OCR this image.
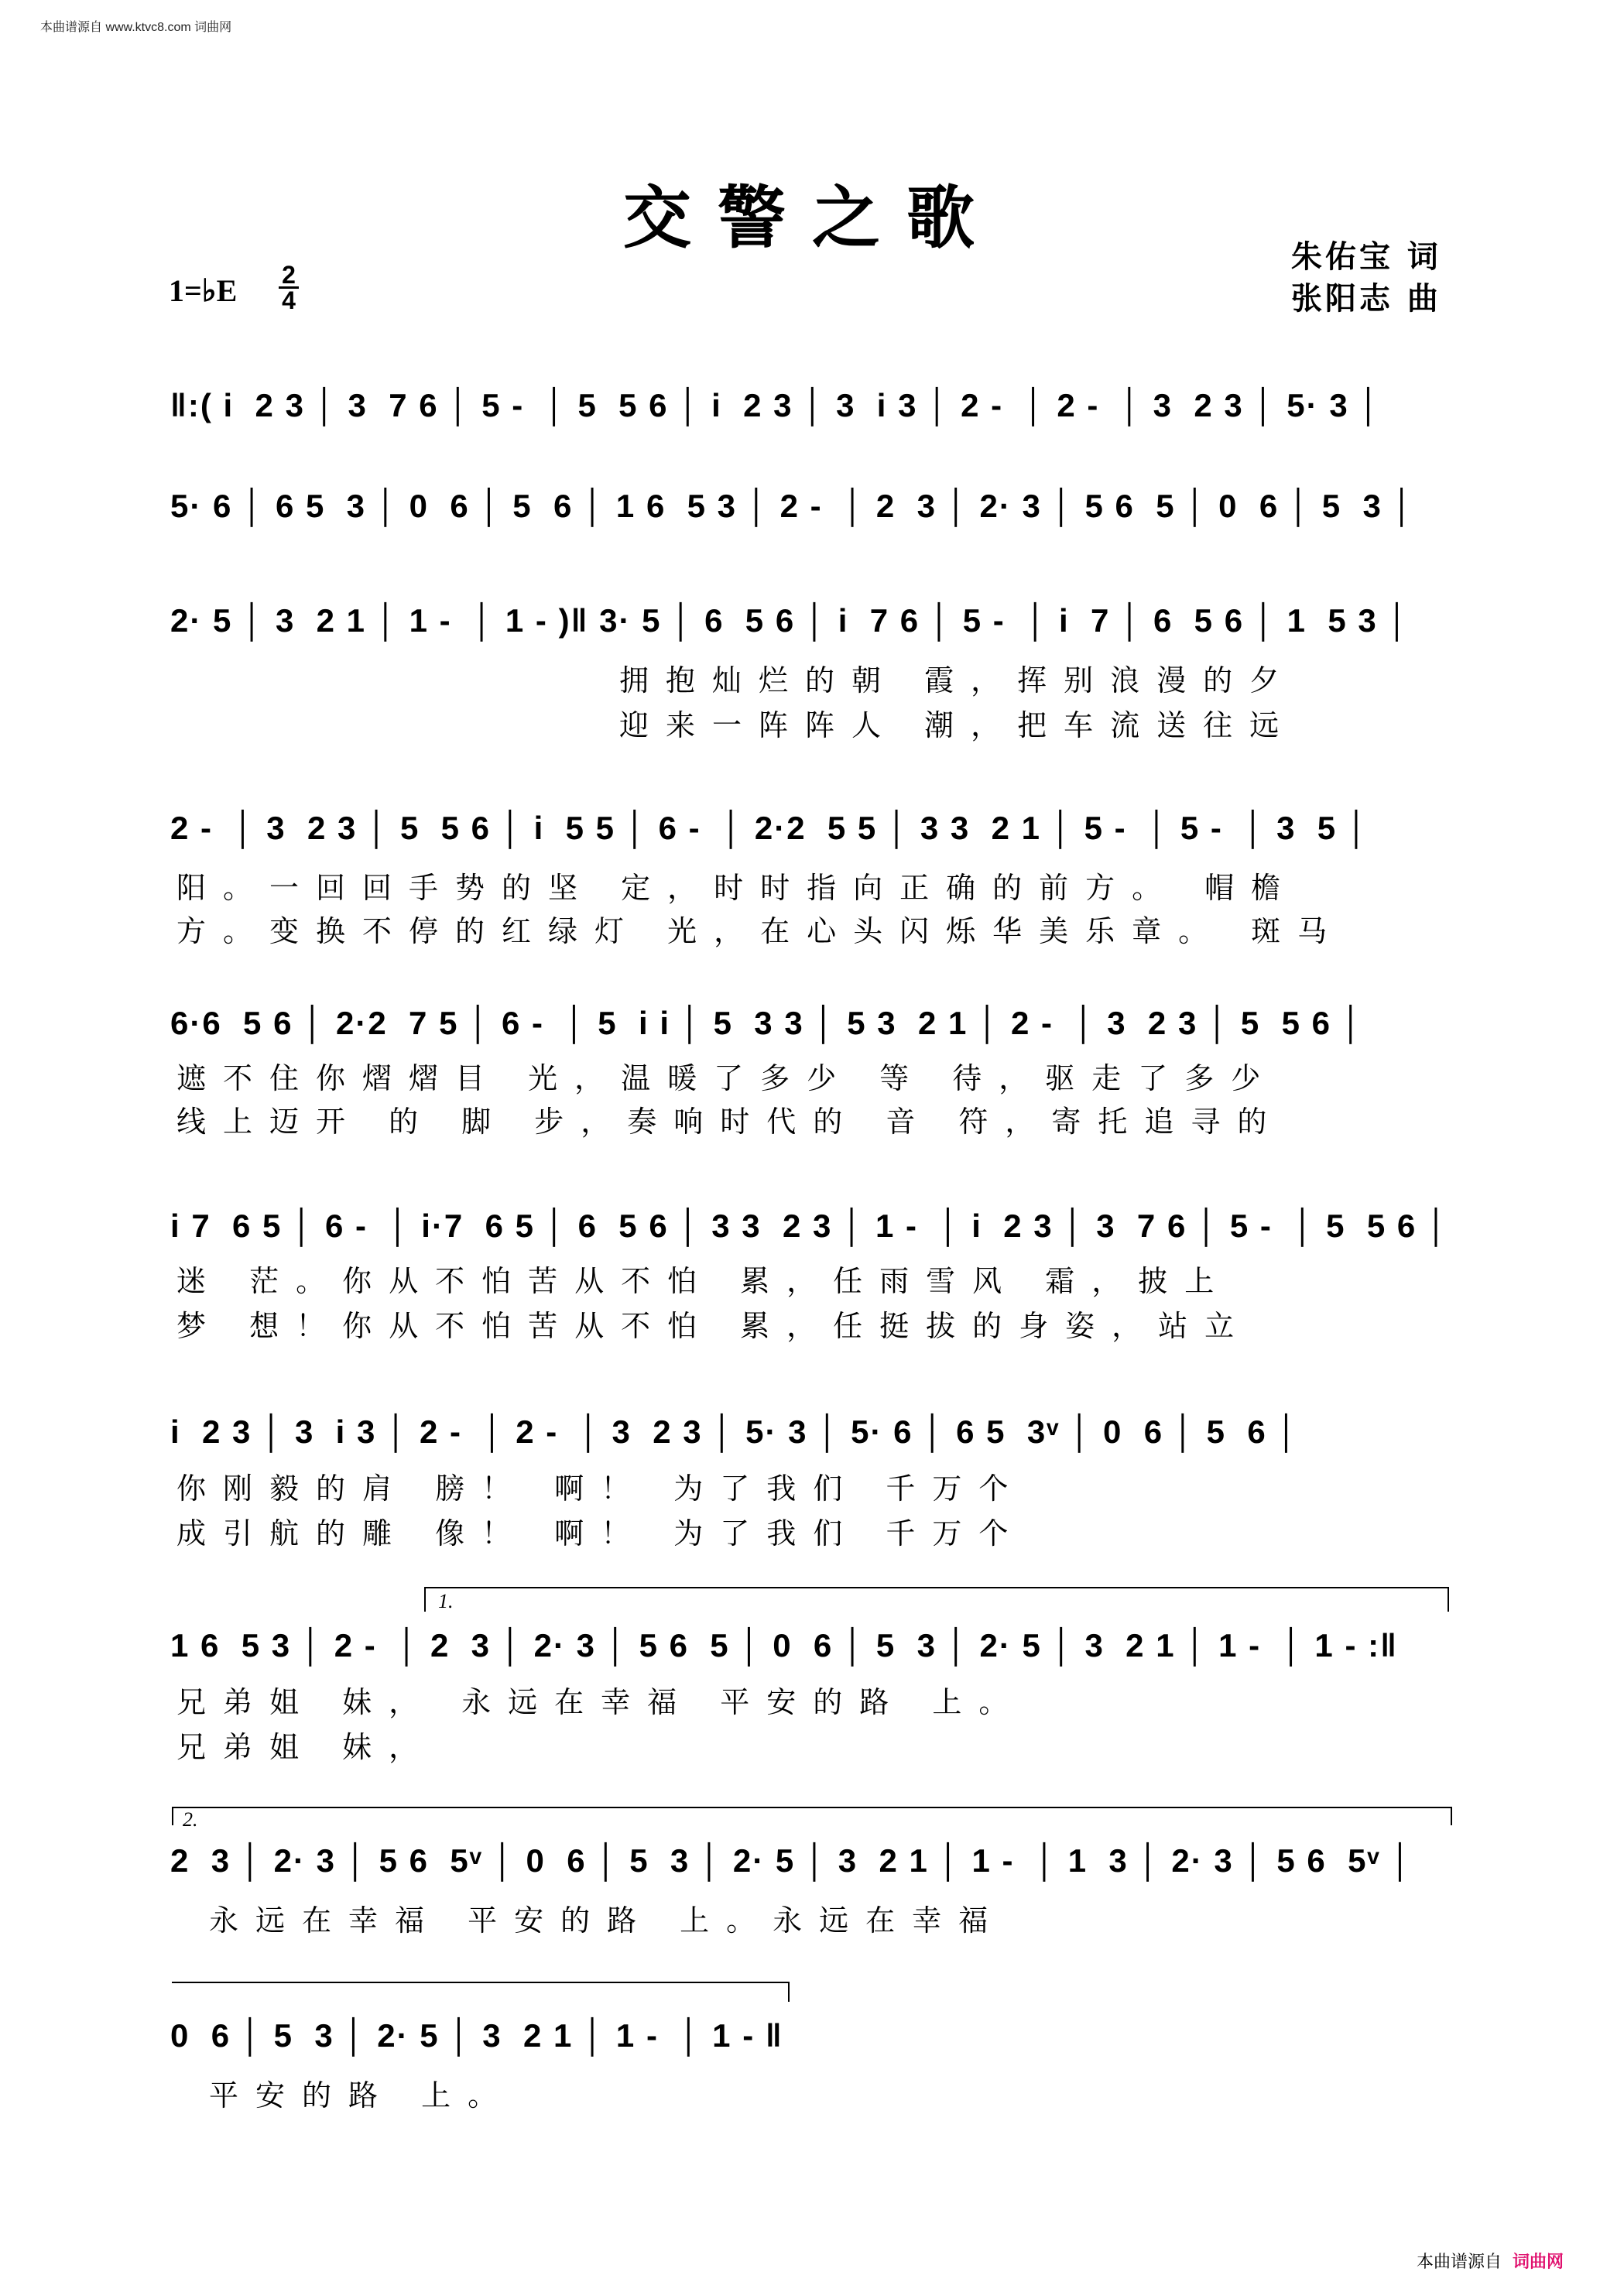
本曲谱源自 www.ktvc8.com 词曲网
交警之歌	朱佑宝 词
张阳志 曲
1=♭E 2
4
‖:( i  2 3 │ 3  7 6 │ 5 -  │ 5  5 6 │ i  2 3 │ 3  i 3 │ 2 -  │ 2 -  │ 3  2 3 │ 5· 3 │
5· 6 │ 6 5  3 │ 0  6 │ 5  6 │ 1 6  5 3 │ 2 -  │ 2  3 │ 2· 3 │ 5 6  5 │ 0  6 │ 5  3 │
2· 5 │ 3  2 1 │ 1 -  │ 1 - )‖ 3· 5 │ 6  5 6 │ i  7 6 │ 5 -  │ i  7 │ 6  5 6 │ 1  5 3 │
拥抱灿烂的朝 霞，挥别浪漫的夕
迎来一阵阵人 潮，把车流送往远
2 -  │ 3  2 3 │ 5  5 6 │ i  5 5 │ 6 -  │ 2·2  5 5 │ 3 3  2 1 │ 5 -  │ 5 -  │ 3  5 │
阳。一回回手势的坚 定，时时指向正确的前方。 帽檐
方。变换不停的红绿灯 光，在心头闪烁华美乐章。 斑马
6·6  5 6 │ 2·2  7 5 │ 6 -  │ 5  i i │ 5  3 3 │ 5 3  2 1 │ 2 -  │ 3  2 3 │ 5  5 6 │
遮不住你熠熠目 光，温暖了多少 等 待，驱走了多少
线上迈开 的 脚 步，奏响时代的 音 符，寄托追寻的
i 7  6 5 │ 6 -  │ i·7  6 5 │ 6  5 6 │ 3 3  2 3 │ 1 -  │ i  2 3 │ 3  7 6 │ 5 -  │ 5  5 6 │
迷 茫。你从不怕苦从不怕 累，任雨雪风 霜，披上
梦 想！你从不怕苦从不怕 累，任挺拔的身姿，站立
i  2 3 │ 3  i 3 │ 2 -  │ 2 -  │ 3  2 3 │ 5· 3 │ 5· 6 │ 6 5  3ᵛ │ 0  6 │ 5  6 │
你刚毅的肩 膀！ 啊！ 为了我们 千万个
成引航的雕 像！ 啊！ 为了我们 千万个
1.
1 6  5 3 │ 2 -  │ 2  3 │ 2· 3 │ 5 6  5 │ 0  6 │ 5  3 │ 2· 5 │ 3  2 1 │ 1 -  │ 1 - :‖
兄弟姐 妹， 永远在幸福 平安的路 上。
兄弟姐 妹，
2.
2  3 │ 2· 3 │ 5 6  5ᵛ │ 0  6 │ 5  3 │ 2· 5 │ 3  2 1 │ 1 -  │ 1  3 │ 2· 3 │ 5 6  5ᵛ │
永远在幸福 平安的路 上。永远在幸福
0  6 │ 5  3 │ 2· 5 │ 3  2 1 │ 1 -  │ 1 - ‖
平安的路 上。
本曲谱源自 词曲网
